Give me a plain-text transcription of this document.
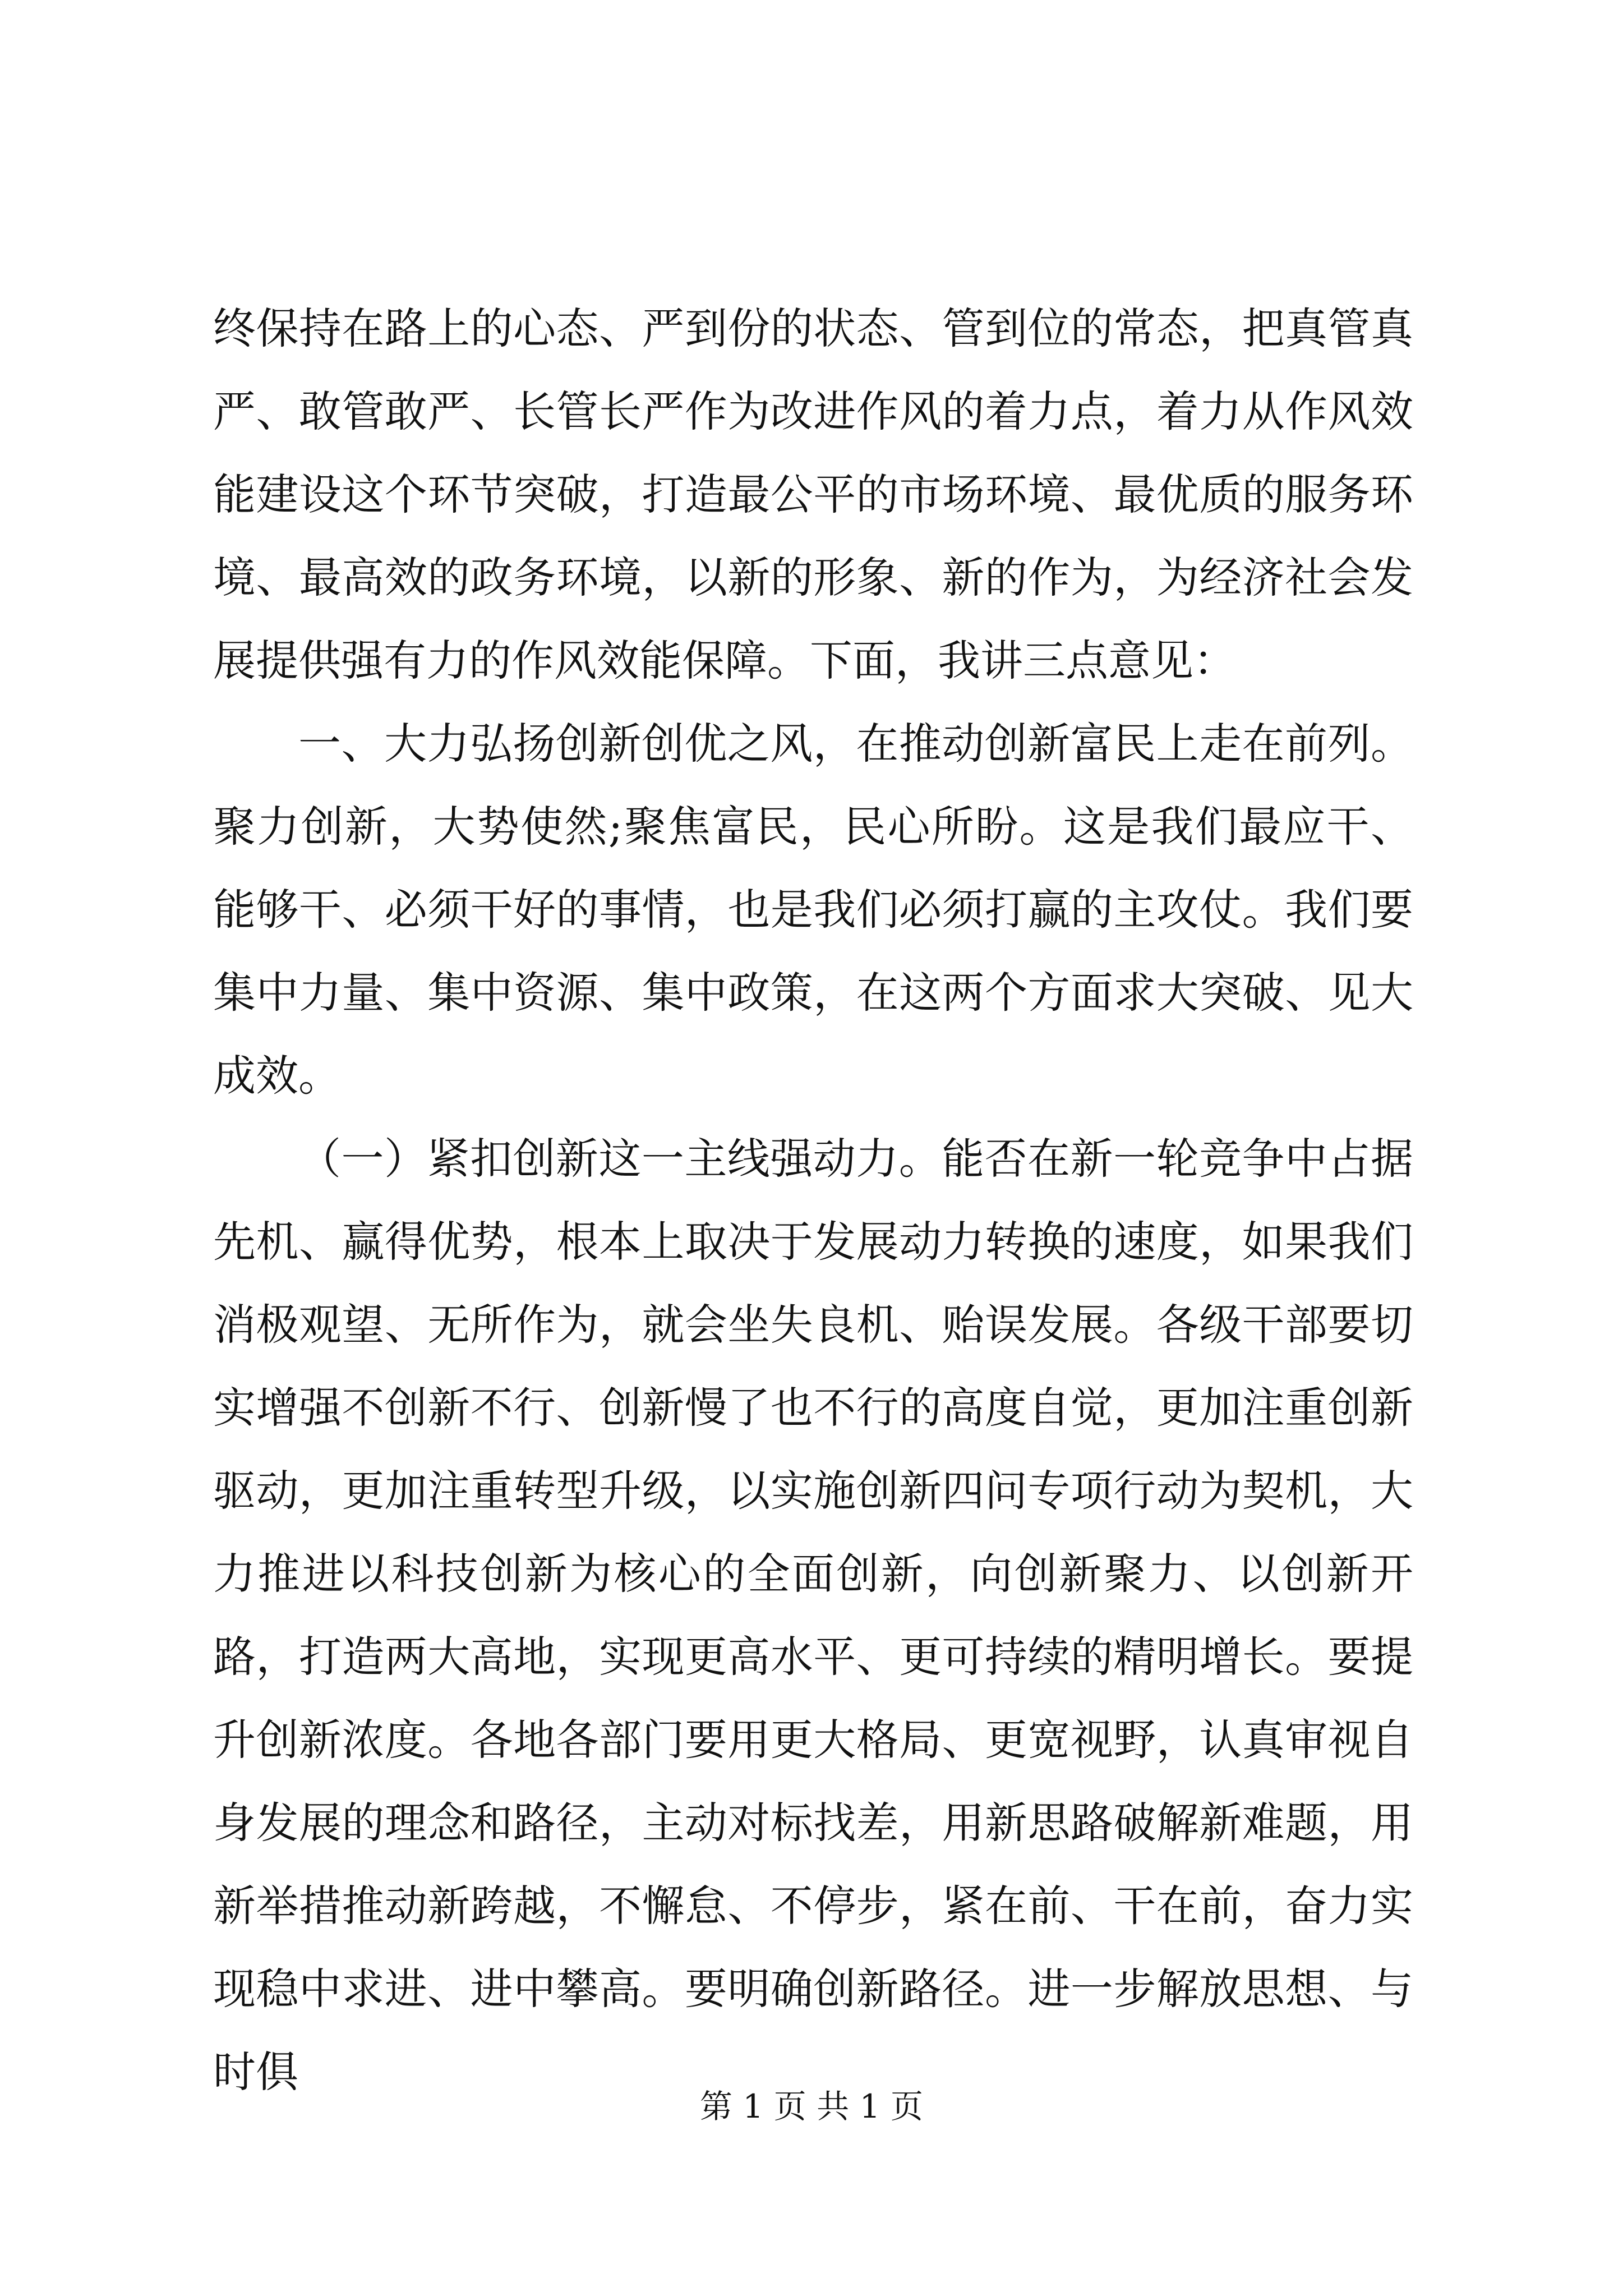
终保持在路上的心态、严到份的状态、管到位的常态，把真管真严、敢管敢严、长管长严作为改进作风的着力点，着力从作风效能建设这个环节突破，打造最公平的市场环境、最优质的服务环境、最高效的政务环境，以新的形象、新的作为，为经济社会发展提供强有力的作风效能保障。下面，我讲三点意见：

一、大力弘扬创新创优之风，在推动创新富民上走在前列。聚力创新，大势使然;聚焦富民，民心所盼。这是我们最应干、能够干、必须干好的事情，也是我们必须打赢的主攻仗。我们要集中力量、集中资源、集中政策，在这两个方面求大突破、见大成效。

（一）紧扣创新这一主线强动力。能否在新一轮竞争中占据先机、赢得优势，根本上取决于发展动力转换的速度，如果我们消极观望、无所作为，就会坐失良机、贻误发展。各级干部要切实增强不创新不行、创新慢了也不行的高度自觉，更加注重创新驱动，更加注重转型升级，以实施创新四问专项行动为契机，大力推进以科技创新为核心的全面创新，向创新聚力、以创新开路，打造两大高地，实现更高水平、更可持续的精明增长。要提升创新浓度。各地各部门要用更大格局、更宽视野，认真审视自身发展的理念和路径，主动对标找差，用新思路破解新难题，用新举措推动新跨越，不懈怠、不停步，紧在前、干在前，奋力实现稳中求进、进中攀高。要明确创新路径。进一步解放思想、与时俱

第 1 页 共 1 页
